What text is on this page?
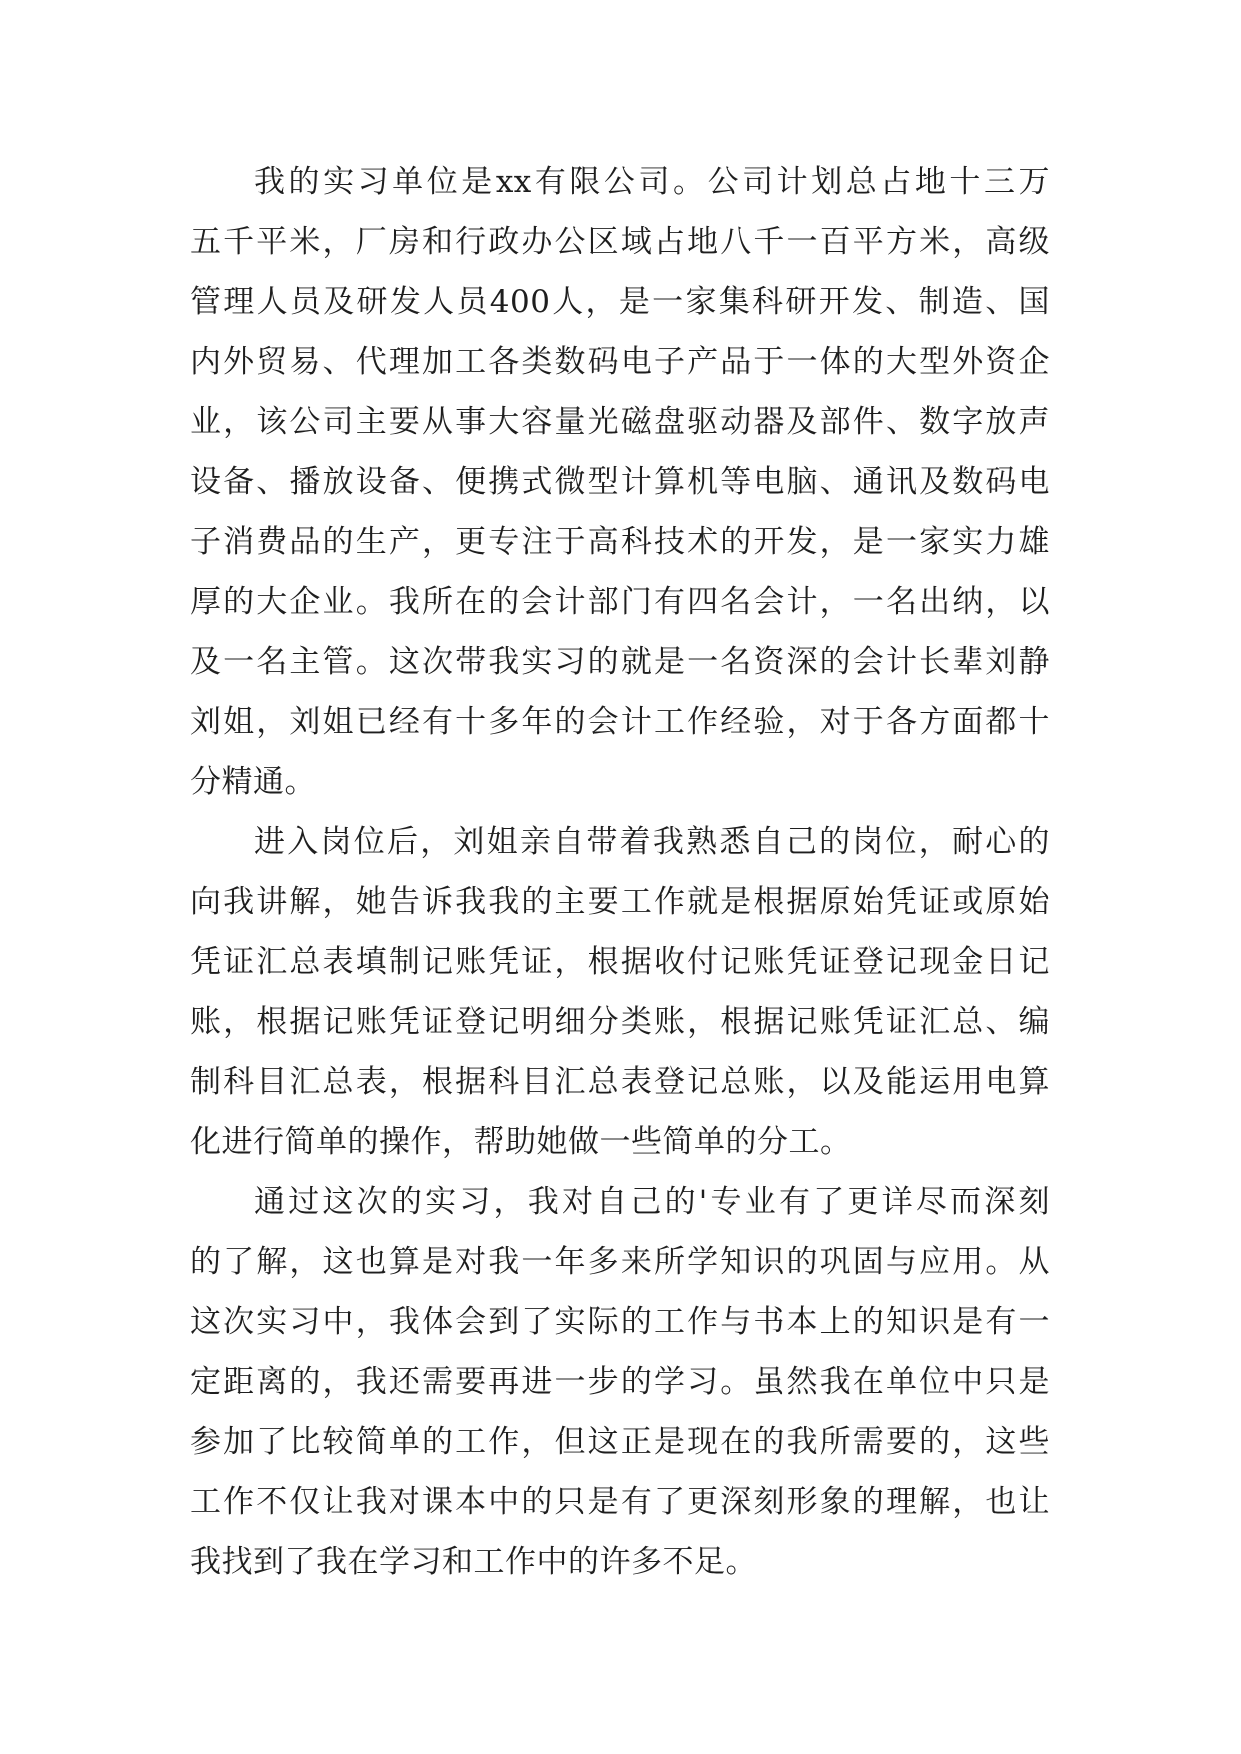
我的实习单位是xx有限公司。公司计划总占地十三万
五千平米，厂房和行政办公区域占地八千一百平方米，高级
管理人员及研发人员400人，是一家集科研开发、制造、国
内外贸易、代理加工各类数码电子产品于一体的大型外资企
业，该公司主要从事大容量光磁盘驱动器及部件、数字放声
设备、播放设备、便携式微型计算机等电脑、通讯及数码电
子消费品的生产，更专注于高科技术的开发，是一家实力雄
厚的大企业。我所在的会计部门有四名会计，一名出纳，以
及一名主管。这次带我实习的就是一名资深的会计长辈刘静
刘姐，刘姐已经有十多年的会计工作经验，对于各方面都十
分精通。
进入岗位后，刘姐亲自带着我熟悉自己的岗位，耐心的
向我讲解，她告诉我我的主要工作就是根据原始凭证或原始
凭证汇总表填制记账凭证，根据收付记账凭证登记现金日记
账，根据记账凭证登记明细分类账，根据记账凭证汇总、编
制科目汇总表，根据科目汇总表登记总账，以及能运用电算
化进行简单的操作，帮助她做一些简单的分工。
通过这次的实习，我对自己的'专业有了更详尽而深刻
的了解，这也算是对我一年多来所学知识的巩固与应用。从
这次实习中，我体会到了实际的工作与书本上的知识是有一
定距离的，我还需要再进一步的学习。虽然我在单位中只是
参加了比较简单的工作，但这正是现在的我所需要的，这些
工作不仅让我对课本中的只是有了更深刻形象的理解，也让
我找到了我在学习和工作中的许多不足。
